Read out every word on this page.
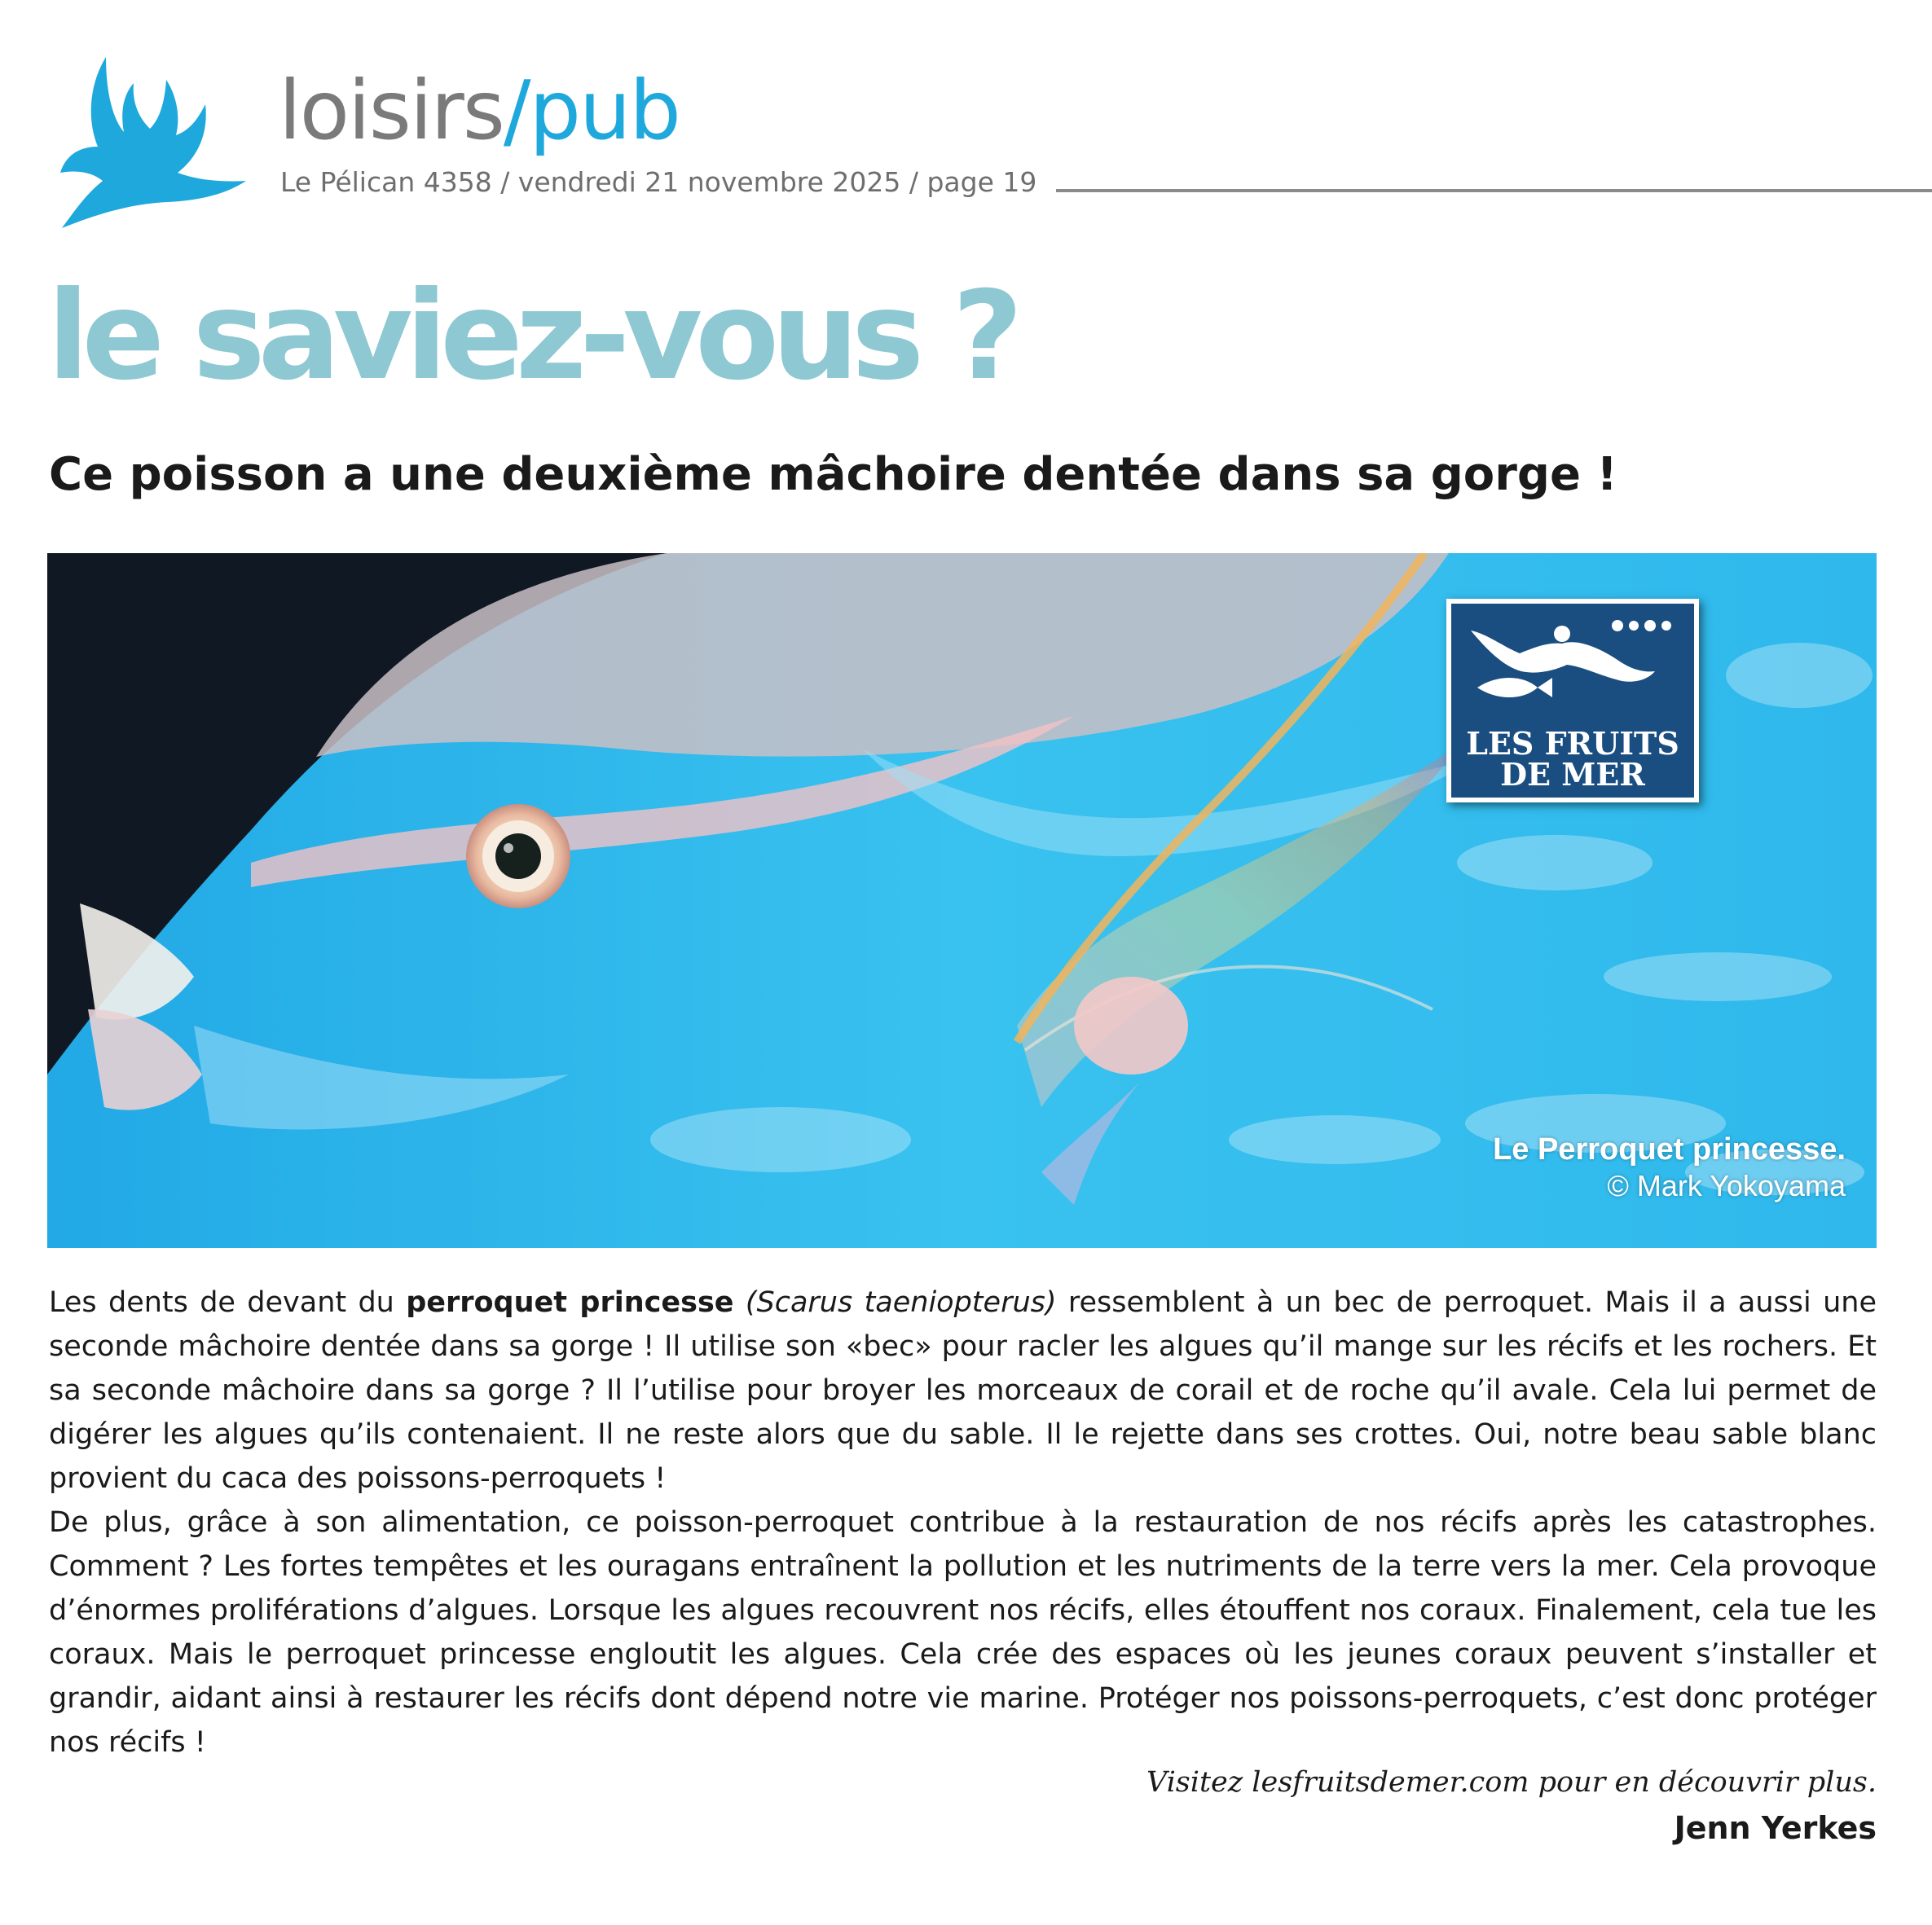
loisirs/pub
Le Pélican 4358 / vendredi 21 novembre 2025 / page 19
le saviez-vous ?
Ce poisson a une deuxième mâchoire dentée dans sa gorge !
LES FRUITS
DE MER
Le Perroquet princesse.
© Mark Yokoyama

Les dents de devant du perroquet princesse (Scarus taeniopterus) ressemblent à un bec de perroquet. Mais il a aussi une seconde mâchoire dentée dans sa gorge ! Il utilise son «bec» pour racler les algues qu’il mange sur les récifs et les rochers. Et sa seconde mâchoire dans sa gorge ? Il l’utilise pour broyer les morceaux de corail et de roche qu’il avale. Cela lui permet de digérer les algues qu’ils contenaient. Il ne reste alors que du sable. Il le rejette dans ses crottes. Oui, notre beau sable blanc provient du caca des poissons-perroquets !

De plus, grâce à son alimentation, ce poisson-perroquet contribue à la restauration de nos récifs après les catastrophes. Comment ? Les fortes tempêtes et les ouragans entraînent la pollution et les nutriments de la terre vers la mer. Cela provoque d’énormes proliférations d’algues. Lorsque les algues recouvrent nos récifs, elles étouffent nos coraux. Finalement, cela tue les coraux. Mais le perroquet princesse engloutit les algues. Cela crée des espaces où les jeunes coraux peuvent s’installer et grandir, aidant ainsi à restaurer les récifs dont dépend notre vie marine. Protéger nos poissons-perroquets, c’est donc protéger nos récifs !

Visitez lesfruitsdemer.com pour en découvrir plus.
Jenn Yerkes
